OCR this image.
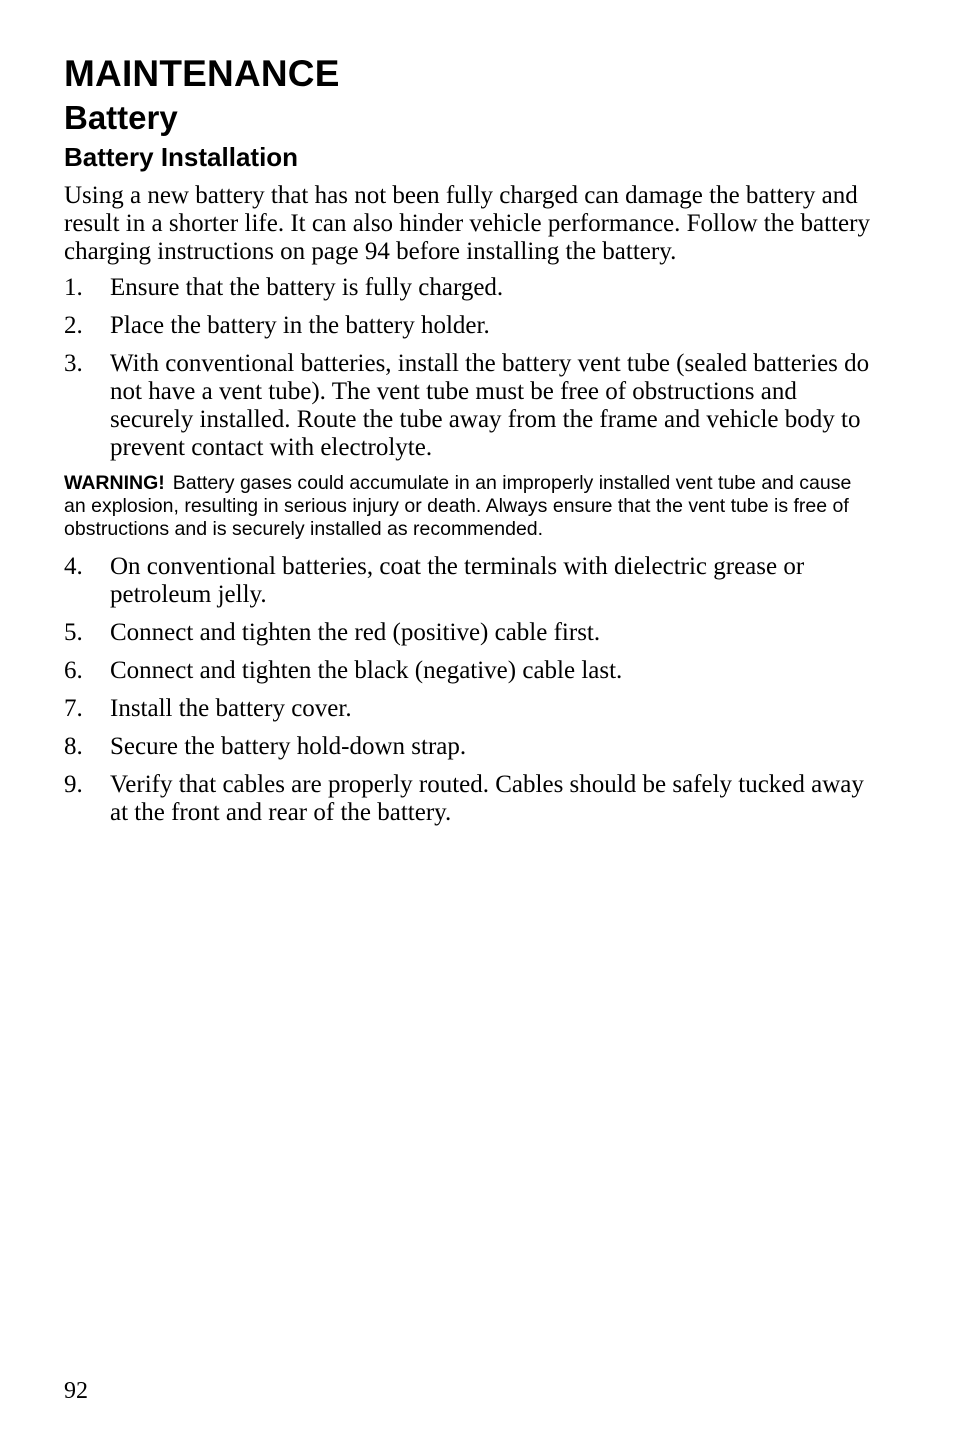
MAINTENANCE
Battery
Battery Installation

Using a new battery that has not been fully charged can damage the battery and result in a shorter life. It can also hinder vehicle performance. Follow the battery charging instructions on page 94 before installing the battery.

1.	Ensure that the battery is fully charged.
2.	Place the battery in the battery holder.
3.	With conventional batteries, install the battery vent tube (sealed batteries do not have a vent tube). The vent tube must be free of obstructions and securely installed. Route the tube away from the frame and vehicle body to prevent contact with electrolyte.

WARNING! Battery gases could accumulate in an improperly installed vent tube and cause an explosion, resulting in serious injury or death. Always ensure that the vent tube is free of obstructions and is securely installed as recommended.

4.	On conventional batteries, coat the terminals with dielectric grease or petroleum jelly.
5.	Connect and tighten the red (positive) cable first.
6.	Connect and tighten the black (negative) cable last.
7.	Install the battery cover.
8.	Secure the battery hold-down strap.
9.	Verify that cables are properly routed. Cables should be safely tucked away at the front and rear of the battery.
92
